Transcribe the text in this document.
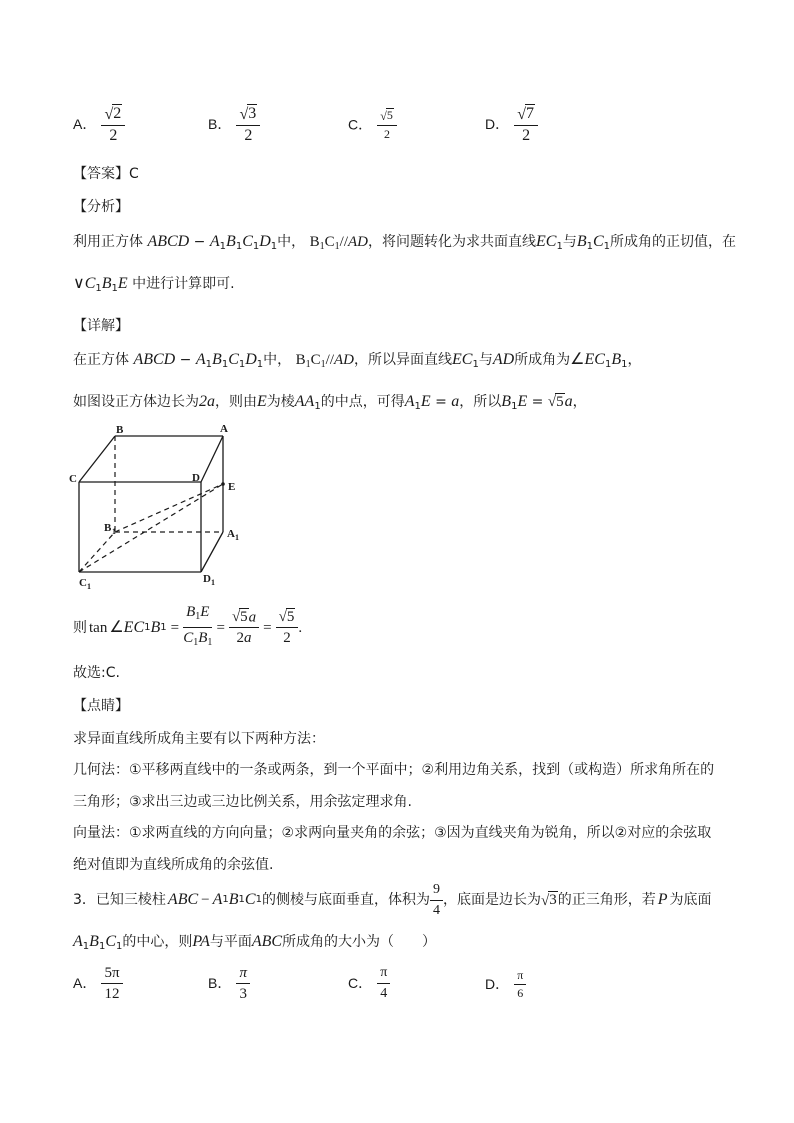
A． $\frac{√ 2}{2}$	B． $\frac{√ 3}{2}$	C． $\frac{√ 5}{2}$	D． $\frac{√ 7}{2}$
【答案】C
【分析】
利用正方体 ABCD − $A_1B_1C_1D_1$中， $B_1C_1//AD$，将问题转化为求共面直线$EC_1$与$B_1C_1$所成角的正切值，在
$\vee C_1B_1E$ 中进行计算即可.
【详解】
在正方体 ABCD − $A_1B_1C_1D_1$中， $B_1C_1//AD$，所以异面直线$EC_1$与AD所成角为$\angle EC_1B_1$，
如图设正方体边长为2a，则由E为棱$AA_1$的中点，可得$A_1E = a$，所以$B_1E$ = √ 5 a，
B	A
C	D
E
B 1	A 1
C 1
D 1
则 tan ∠ EC 1 B $1 = \frac{B_1E}{C_1B_1} = \frac{√ 5 a}{2a} = \frac{√ 5}{2}$ .
故选:C.
【点睛】
求异面直线所成角主要有以下两种方法：
几何法：①平移两直线中的一条或两条，到一个平面中；②利用边角关系，找到（或构造）所求角所在的
三角形；③求出三边或三边比例关系，用余弦定理求角.
向量法：①求两直线的方向向量；②求两向量夹角的余弦；③因为直线夹角为锐角，所以②对应的余弦取
绝对值即为直线所成角的余弦值.
3． 已知三棱柱 ABC − A 1 B 1 C 1 的侧棱与底面垂直，体积为 $\frac{9}{4}$ ，底面是边长为 √ 3 的正三角形，若 P 为底面
$A_1B_1C_1$的中心，则PA与平面ABC所成角的大小为（　　）
A． $\frac{5\pi}{12}$	B． $\frac{\pi}{3}$	C． $\frac{\pi}{4}$	D． $\frac{\pi}{6}$
